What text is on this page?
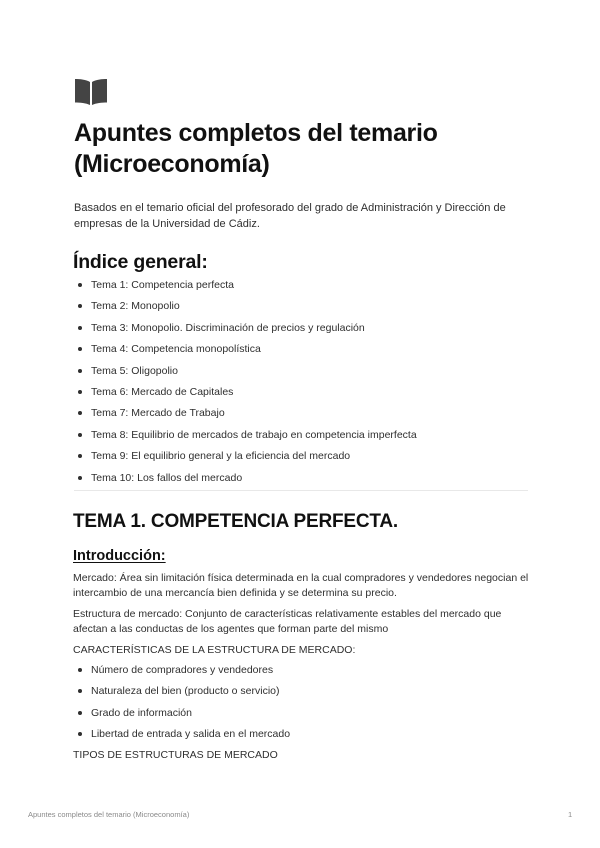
Apuntes completos del temario (Microeconomía)

Basados en el temario oficial del profesorado del grado de Administración y Dirección de empresas de la Universidad de Cádiz.

Índice general:
Tema 1: Competencia perfecta
Tema 2: Monopolio
Tema 3: Monopolio. Discriminación de precios y regulación
Tema 4: Competencia monopolística
Tema 5: Oligopolio
Tema 6: Mercado de Capitales
Tema 7: Mercado de Trabajo
Tema 8: Equilibrio de mercados de trabajo en competencia imperfecta
Tema 9: El equilibrio general y la eficiencia del mercado
Tema 10: Los fallos del mercado
TEMA 1. COMPETENCIA PERFECTA.
Introducción:

Mercado: Área sin limitación física determinada en la cual compradores y vendedores negocian el intercambio de una mercancía bien definida y se determina su precio.

Estructura de mercado: Conjunto de características relativamente estables del mercado que afectan a las conductas de los agentes que forman parte del mismo

CARACTERÍSTICAS DE LA ESTRUCTURA DE MERCADO:

Número de compradores y vendedores
Naturaleza del bien (producto o servicio)
Grado de información
Libertad de entrada y salida en el mercado

TIPOS DE ESTRUCTURAS DE MERCADO

Apuntes completos del temario (Microeconomía)	1
